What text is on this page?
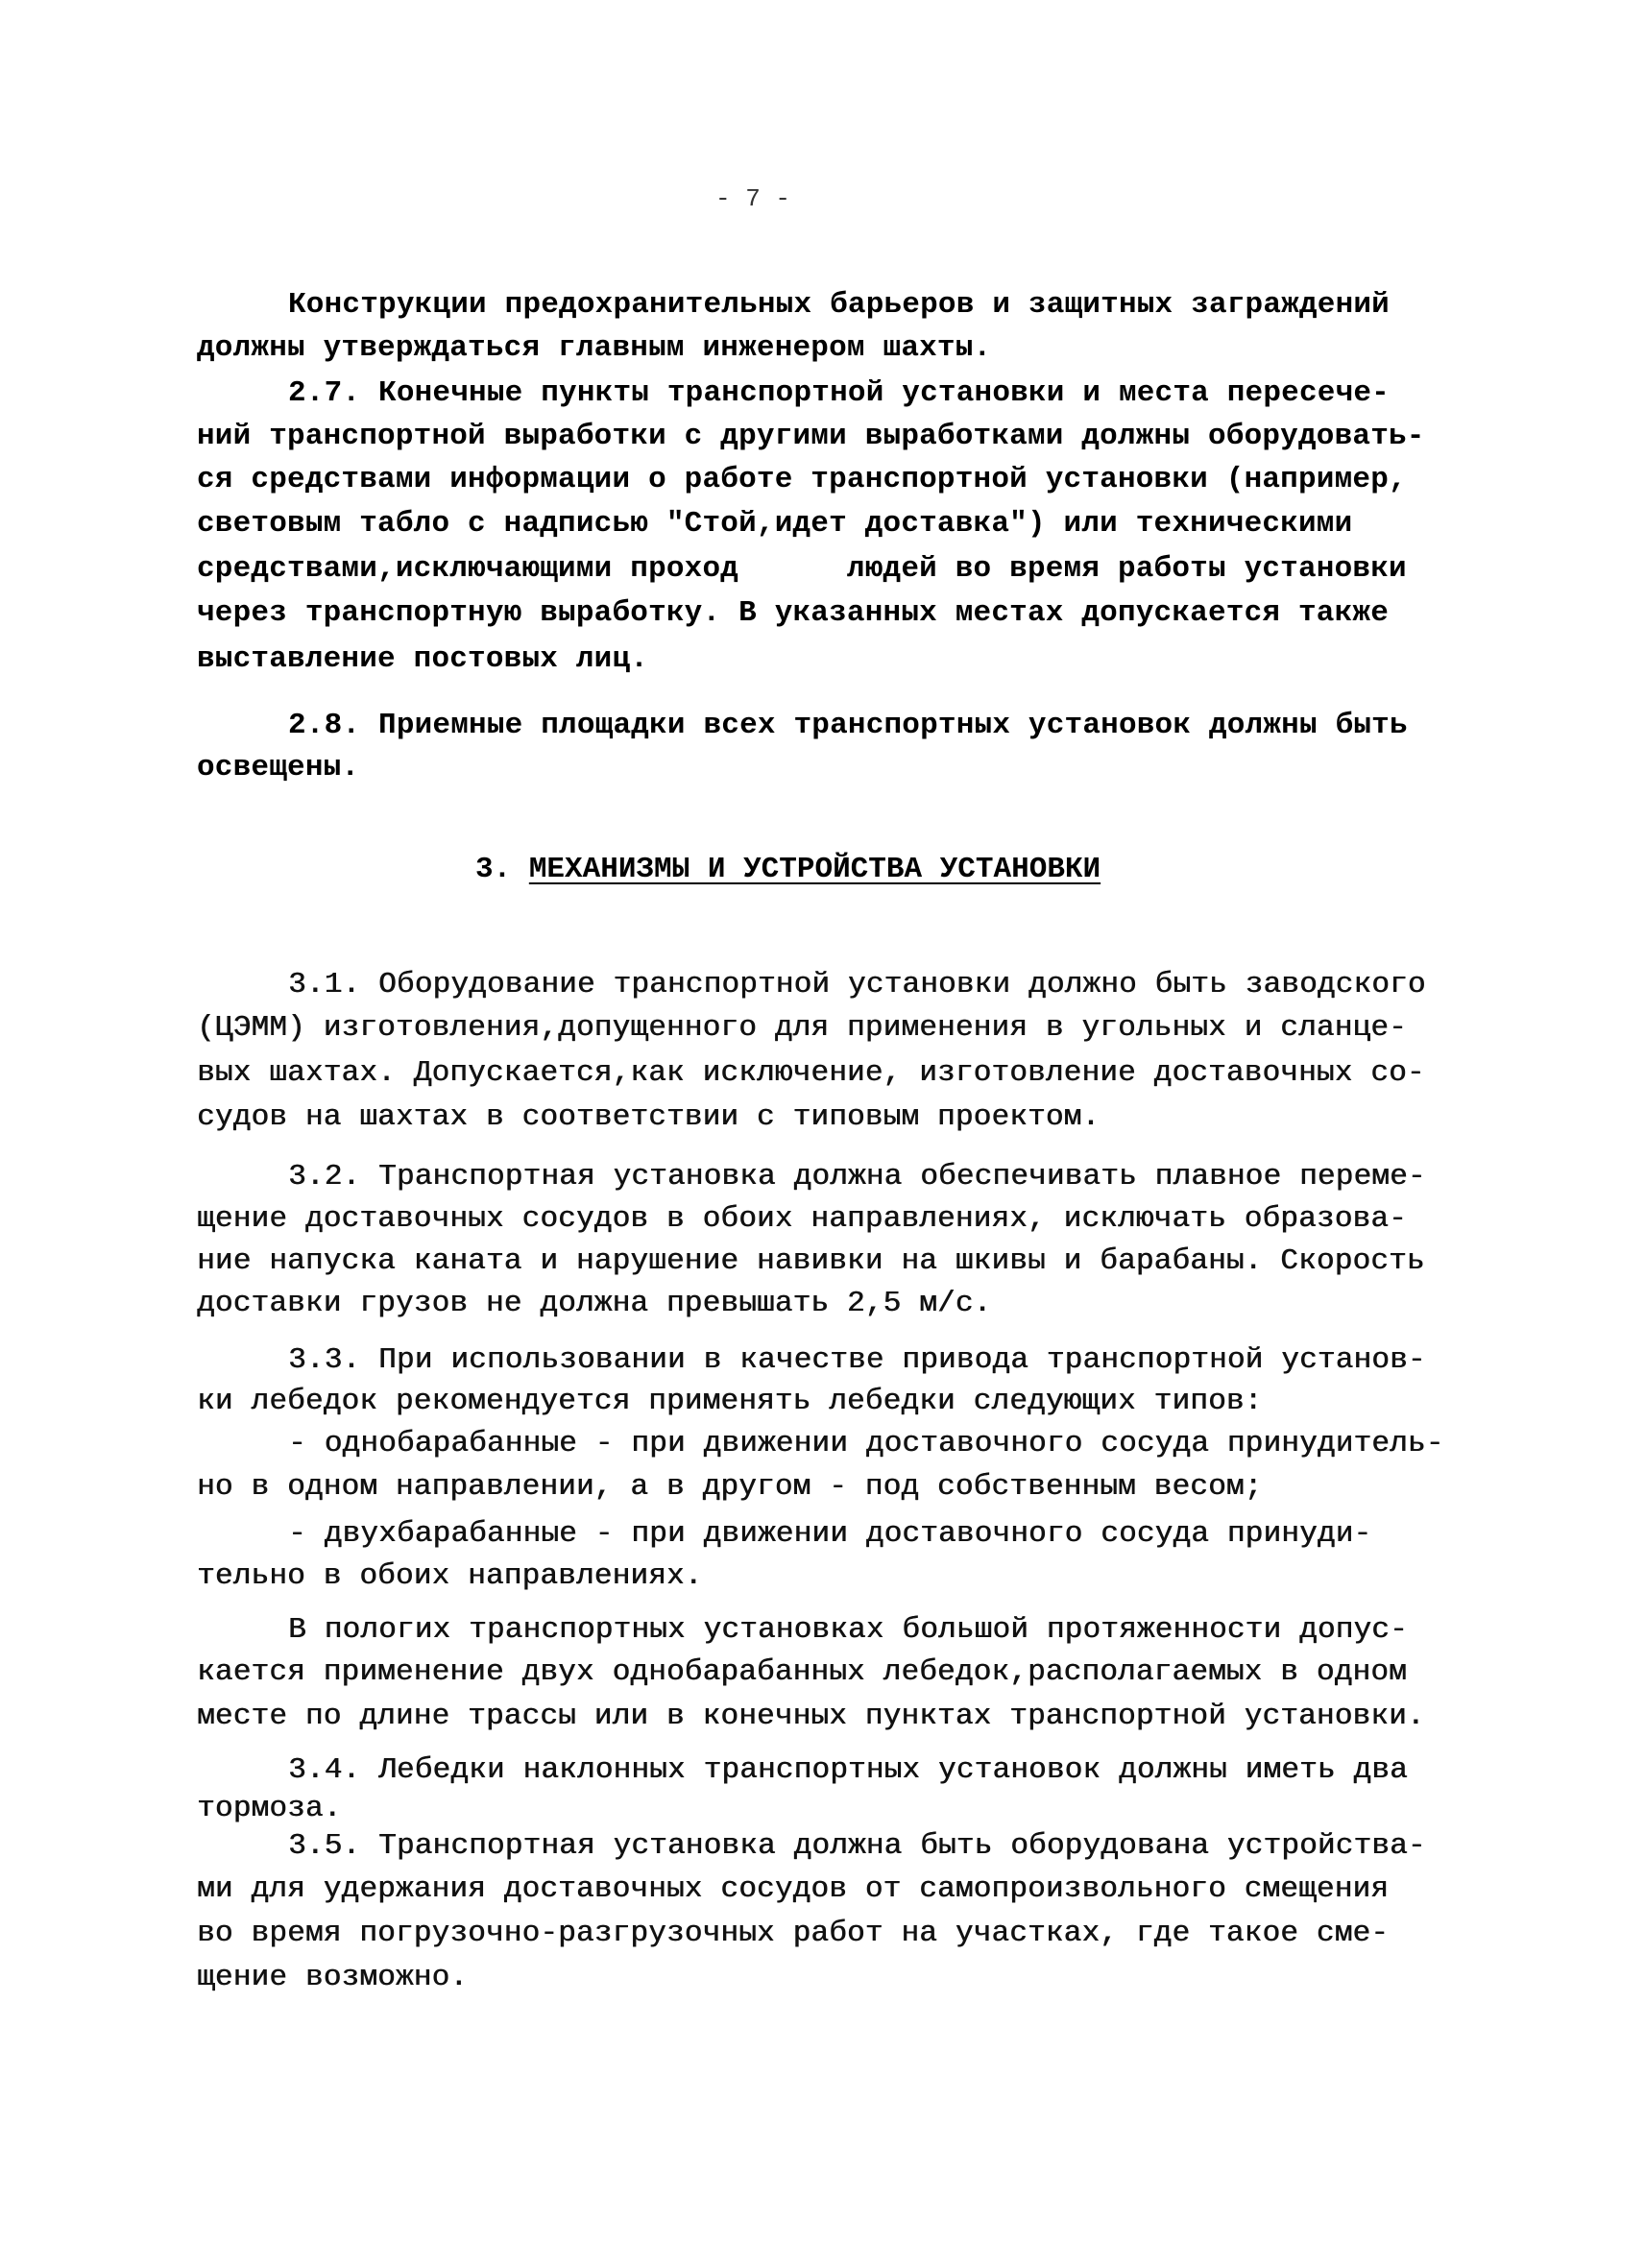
- 7 -
Конструкции предохранительных барьеров и защитных заграждений
должны утверждаться главным инженером шахты.
2.7. Конечные пункты транспортной установки и места пересече-
ний транспортной выработки с другими выработками должны оборудовать-
ся средствами информации о работе транспортной установки (например,
световым табло с надписью "Стой,идет доставка") или техническими
средствами,исключающими проход      людей во время работы установки
через транспортную выработку. В указанных местах допускается также
выставление постовых лиц.
2.8. Приемные площадки всех транспортных установок должны быть
освещены.
3. МЕХАНИЗМЫ И УСТРОЙСТВА УСТАНОВКИ
3.1. Оборудование транспортной установки должно быть заводского
(ЦЭММ) изготовления,допущенного для применения в угольных и сланце-
вых шахтах. Допускается,как исключение, изготовление доставочных со-
судов на шахтах в соответствии с типовым проектом.
3.2. Транспортная установка должна обеспечивать плавное переме-
щение доставочных сосудов в обоих направлениях, исключать образова-
ние напуска каната и нарушение навивки на шкивы и барабаны. Скорость
доставки грузов не должна превышать 2,5 м/с.
3.3. При использовании в качестве привода транспортной установ-
ки лебедок рекомендуется применять лебедки следующих типов:
- однобарабанные - при движении доставочного сосуда принудитель-
но в одном направлении, а в другом - под собственным весом;
- двухбарабанные - при движении доставочного сосуда принуди-
тельно в обоих направлениях.
В пологих транспортных установках большой протяженности допус-
кается применение двух однобарабанных лебедок,располагаемых в одном
месте по длине трассы или в конечных пунктах транспортной установки.
3.4. Лебедки наклонных транспортных установок должны иметь два
тормоза.
3.5. Транспортная установка должна быть оборудована устройства-
ми для удержания доставочных сосудов от самопроизвольного смещения
во время погрузочно-разгрузочных работ на участках, где такое сме-
щение возможно.
